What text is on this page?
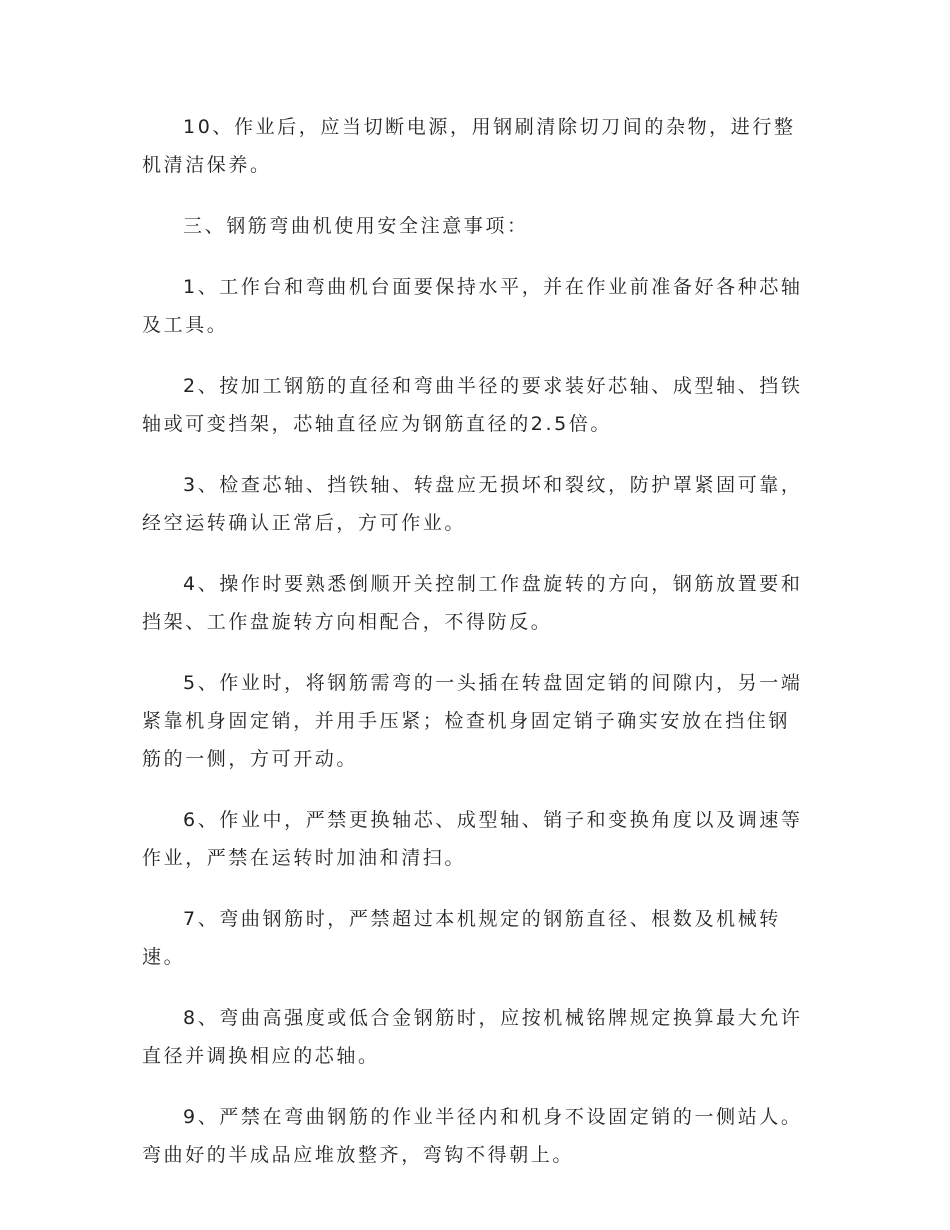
10、作业后，应当切断电源，用钢刷清除切刀间的杂物，进行整
机清洁保养。

三、钢筋弯曲机使用安全注意事项：

1、工作台和弯曲机台面要保持水平，并在作业前准备好各种芯轴
及工具。

2、按加工钢筋的直径和弯曲半径的要求装好芯轴、成型轴、挡铁
轴或可变挡架，芯轴直径应为钢筋直径的2.5倍。

3、检查芯轴、挡铁轴、转盘应无损坏和裂纹，防护罩紧固可靠，
经空运转确认正常后，方可作业。

4、操作时要熟悉倒顺开关控制工作盘旋转的方向，钢筋放置要和
挡架、工作盘旋转方向相配合，不得防反。

5、作业时，将钢筋需弯的一头插在转盘固定销的间隙内，另一端
紧靠机身固定销，并用手压紧；检查机身固定销子确实安放在挡住钢
筋的一侧，方可开动。

6、作业中，严禁更换轴芯、成型轴、销子和变换角度以及调速等
作业，严禁在运转时加油和清扫。

7、弯曲钢筋时，严禁超过本机规定的钢筋直径、根数及机械转
速。

8、弯曲高强度或低合金钢筋时，应按机械铭牌规定换算最大允许
直径并调换相应的芯轴。

9、严禁在弯曲钢筋的作业半径内和机身不设固定销的一侧站人。
弯曲好的半成品应堆放整齐，弯钩不得朝上。
